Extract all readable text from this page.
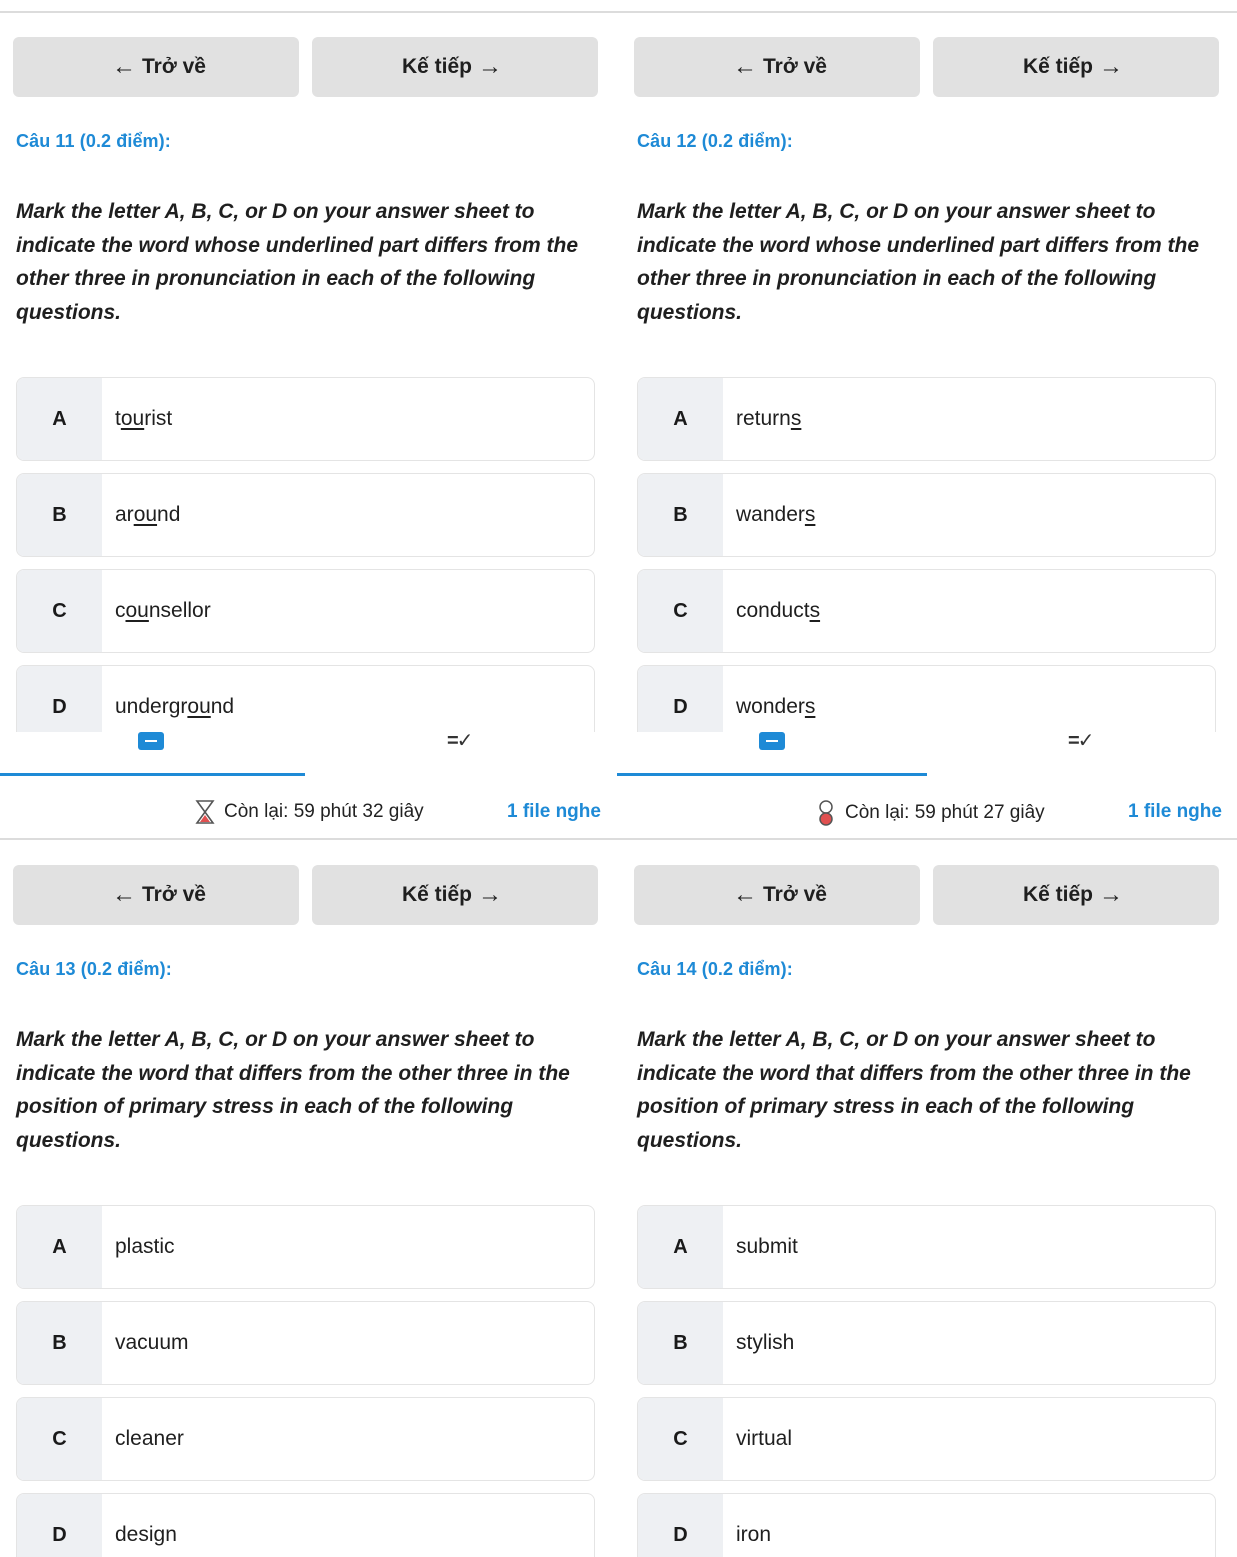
← Trở về	Kế tiếp →
Câu 11 (0.2 điểm):
Mark the letter A, B, C, or D on your answer sheet to indicate the word whose underlined part differs from the other three in pronunciation in each of the following questions.
A	t ou rist
B	ar ou nd
C	c ou nsellor
D	undergr ou nd
← Trở về	Kế tiếp →
Câu 12 (0.2 điểm):
Mark the letter A, B, C, or D on your answer sheet to indicate the word whose underlined part differs from the other three in pronunciation in each of the following questions.
A	return s
B	wander s
C	conduct s
D	wonder s
=✓	=✓
Còn lại: 59 phút 32 giây	1 file nghe	Còn lại: 59 phút 27 giây	1 file nghe
← Trở về	Kế tiếp →
Câu 13 (0.2 điểm):
Mark the letter A, B, C, or D on your answer sheet to indicate the word that differs from the other three in the position of primary stress in each of the following questions.
A	plastic
B	vacuum
C	cleaner
D	design
← Trở về	Kế tiếp →
Câu 14 (0.2 điểm):
Mark the letter A, B, C, or D on your answer sheet to indicate the word that differs from the other three in the position of primary stress in each of the following questions.
A	submit
B	stylish
C	virtual
D	iron
